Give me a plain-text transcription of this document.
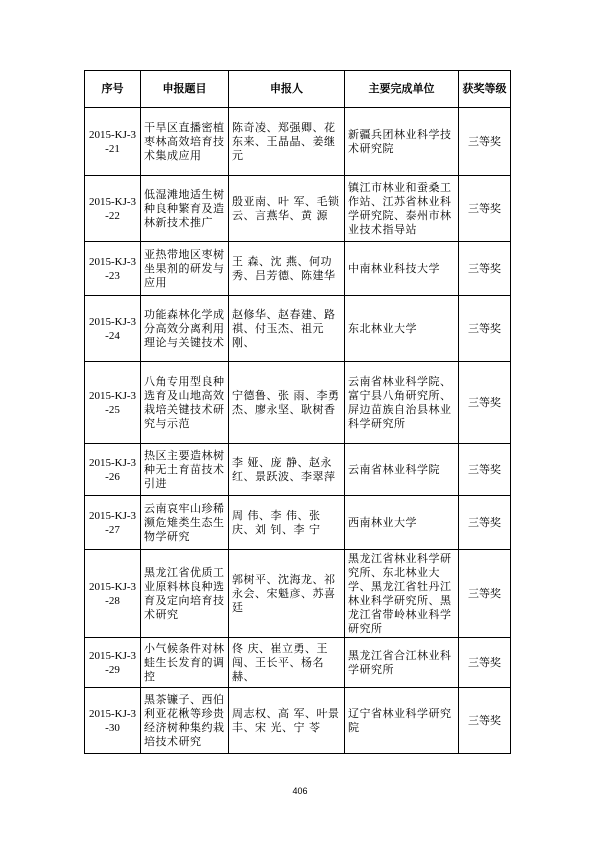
序号	申报题目	申报人	主要完成单位	获奖等级
2015-KJ-3-21	干旱区直播密植枣林高效培育技术集成应用	陈奇凌、郑强卿、花东来、王晶晶、姜继元	新疆兵团林业科学技术研究院	三等奖
2015-KJ-3-22	低湿滩地适生树种良种繁育及造林新技术推广	殷亚南、叶 军、毛锁云、言燕华、黄 源	镇江市林业和蚕桑工作站、江苏省林业科学研究院、泰州市林业技术指导站	三等奖
2015-KJ-3-23	亚热带地区枣树坐果剂的研发与应用	王 森、沈 燕、何功秀、吕芳德、陈建华	中南林业科技大学	三等奖
2015-KJ-3-24	功能森林化学成分高效分离利用理论与关键技术	赵修华、赵春建、路祺、付玉杰、祖元刚、	东北林业大学	三等奖
2015-KJ-3-25	八角专用型良种选育及山地高效栽培关键技术研究与示范	宁德鲁、张 雨、李勇杰、廖永坚、耿树香	云南省林业科学院、富宁县八角研究所、屏边苗族自治县林业科学研究所	三等奖
2015-KJ-3-26	热区主要造林树种无土育苗技术引进	李 娅、庞 静、赵永红、景跃波、李翠萍	云南省林业科学院	三等奖
2015-KJ-3-27	云南哀牢山珍稀濒危雉类生态生物学研究	周 伟、李 伟、张 庆、刘 钊、李 宁	西南林业大学	三等奖
2015-KJ-3-28	黑龙江省优质工业原料林良种选育及定向培育技术研究	郭树平、沈海龙、祁永会、宋魁彦、苏喜廷	黑龙江省林业科学研究所、东北林业大学、黑龙江省牡丹江林业科学研究所、黑龙江省带岭林业科学研究所	三等奖
2015-KJ-3-29	小气候条件对林蛙生长发育的调控	佟 庆、崔立勇、王闯、王长平、杨名赫、	黑龙江省合江林业科学研究所	三等奖
2015-KJ-3-30	黑茶镰子、西伯利亚花楸等珍贵经济树种集约栽培技术研究	周志权、高 军、叶景丰、宋 光、宁 苓	辽宁省林业科学研究院	三等奖
406
